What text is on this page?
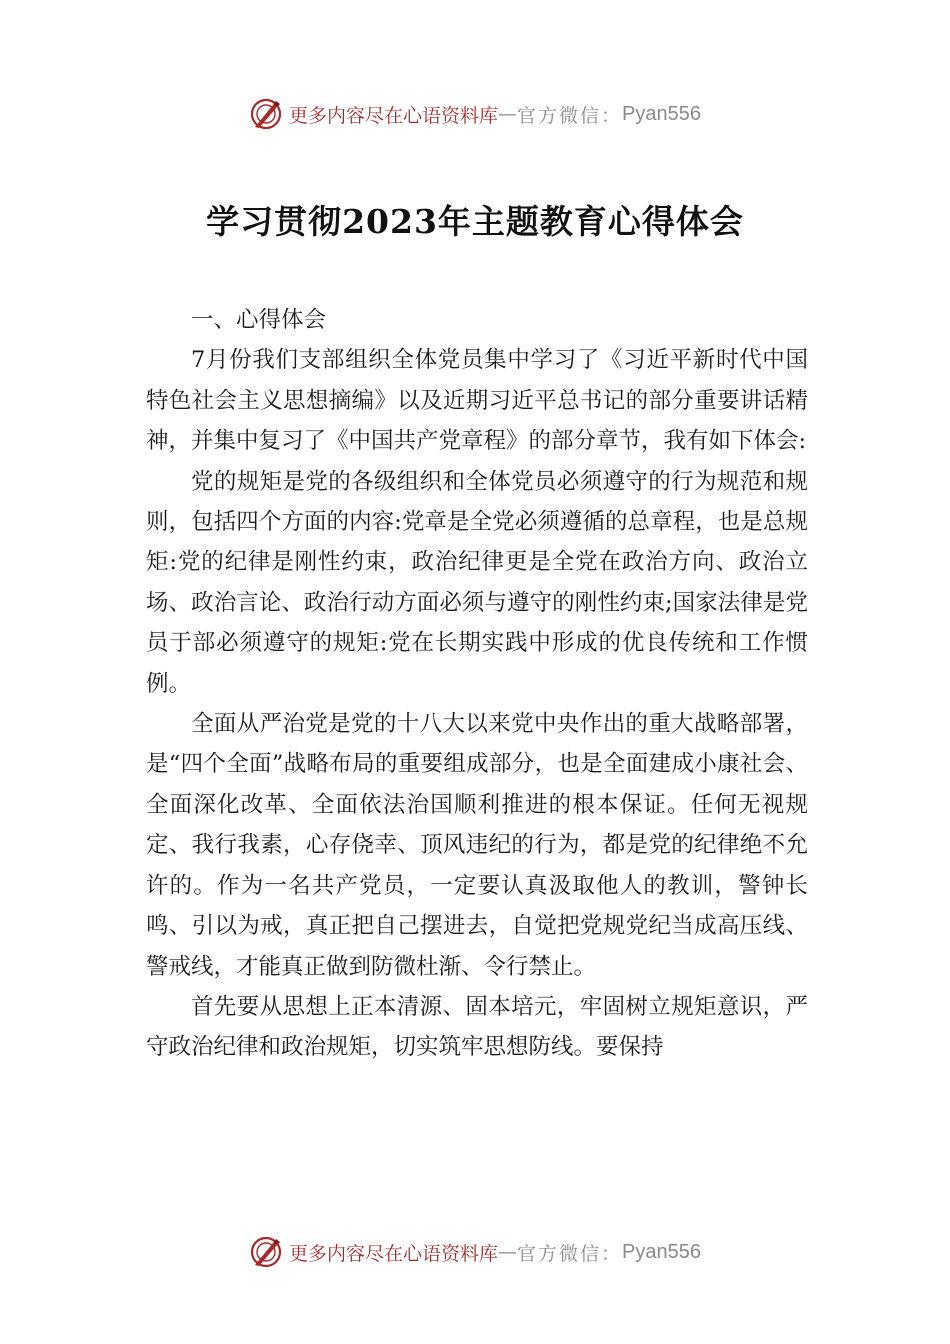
更多内容尽在心语资料库 — 官方微信： Pyan556
学习贯彻2023年主题教育心得体会

一、心得体会

7月份我们支部组织全体党员集中学习了《习近平新时代中国特色社会主义思想摘编》以及近期习近平总书记的部分重要讲话精神，并集中复习了《中国共产党章程》的部分章节，我有如下体会:

党的规矩是党的各级组织和全体党员必须遵守的行为规范和规则，包括四个方面的内容:党章是全党必须遵循的总章程，也是总规矩:党的纪律是刚性约束，政治纪律更是全党在政治方向、政治立场、政治言论、政治行动方面必须与遵守的刚性约束;国家法律是党员于部必须遵守的规矩:党在长期实践中形成的优良传统和工作惯例。

全面从严治党是党的十八大以来党中央作出的重大战略部署，是“四个全面”战略布局的重要组成部分，也是全面建成小康社会、全面深化改革、全面依法治国顺利推进的根本保证。任何无视规定、我行我素，心存侥幸、顶风违纪的行为，都是党的纪律绝不允许的。作为一名共产党员，一定要认真汲取他人的教训，警钟长鸣、引以为戒，真正把自己摆进去，自觉把党规党纪当成高压线、警戒线，才能真正做到防微杜渐、令行禁止。

首先要从思想上正本清源、固本培元，牢固树立规矩意识，严守政治纪律和政治规矩，切实筑牢思想防线。要保持

更多内容尽在心语资料库 — 官方微信： Pyan556
